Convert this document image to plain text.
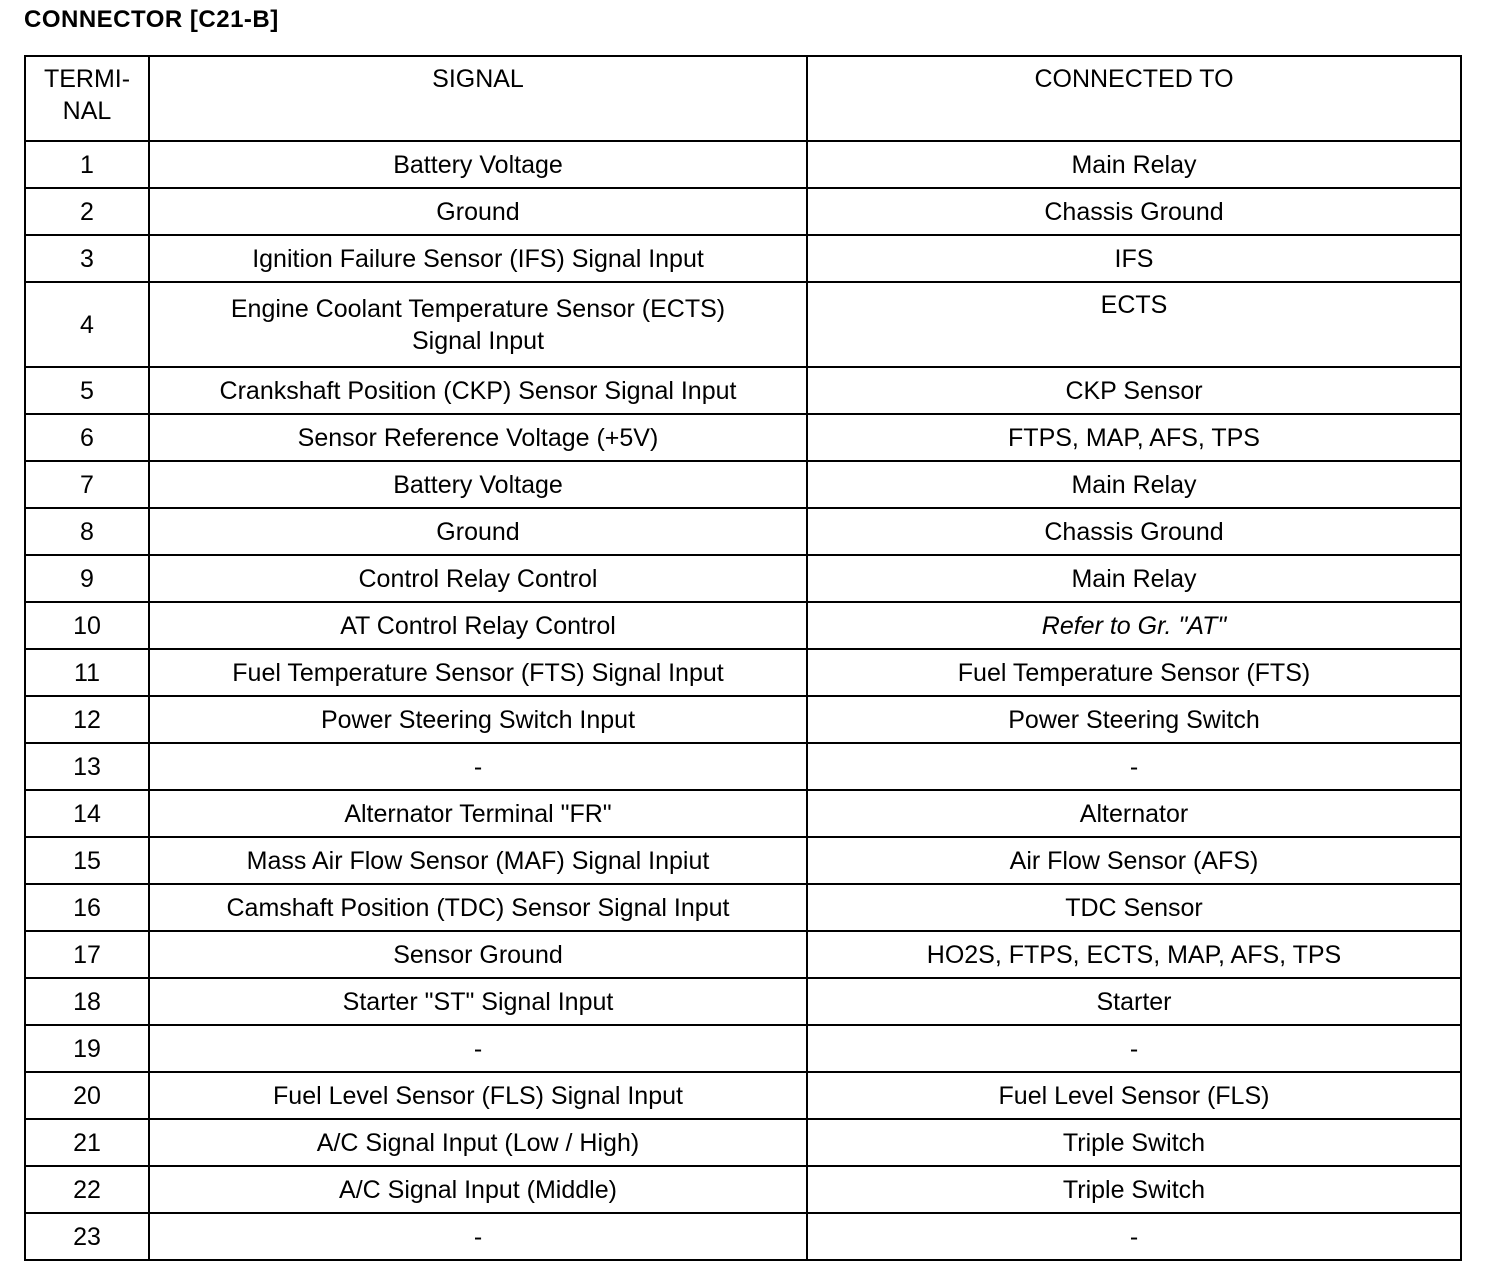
CONNECTOR [C21-B]
TERMI-
NAL	SIGNAL	CONNECTED TO
1	Battery Voltage	Main Relay
2	Ground	Chassis Ground
3	Ignition Failure Sensor (IFS) Signal Input	IFS
4	Engine Coolant Temperature Sensor (ECTS)
Signal Input	ECTS
5	Crankshaft Position (CKP) Sensor Signal Input	CKP Sensor
6	Sensor Reference Voltage (+5V)	FTPS, MAP, AFS, TPS
7	Battery Voltage	Main Relay
8	Ground	Chassis Ground
9	Control Relay Control	Main Relay
10	AT Control Relay Control	Refer to Gr. "AT"
11	Fuel Temperature Sensor (FTS) Signal Input	Fuel Temperature Sensor (FTS)
12	Power Steering Switch Input	Power Steering Switch
13	-	-
14	Alternator Terminal "FR"	Alternator
15	Mass Air Flow Sensor (MAF) Signal Inpiut	Air Flow Sensor (AFS)
16	Camshaft Position (TDC) Sensor Signal Input	TDC Sensor
17	Sensor Ground	HO2S, FTPS, ECTS, MAP, AFS, TPS
18	Starter "ST" Signal Input	Starter
19	-	-
20	Fuel Level Sensor (FLS) Signal Input	Fuel Level Sensor (FLS)
21	A/C Signal Input (Low / High)	Triple Switch
22	A/C Signal Input (Middle)	Triple Switch
23	-	-
